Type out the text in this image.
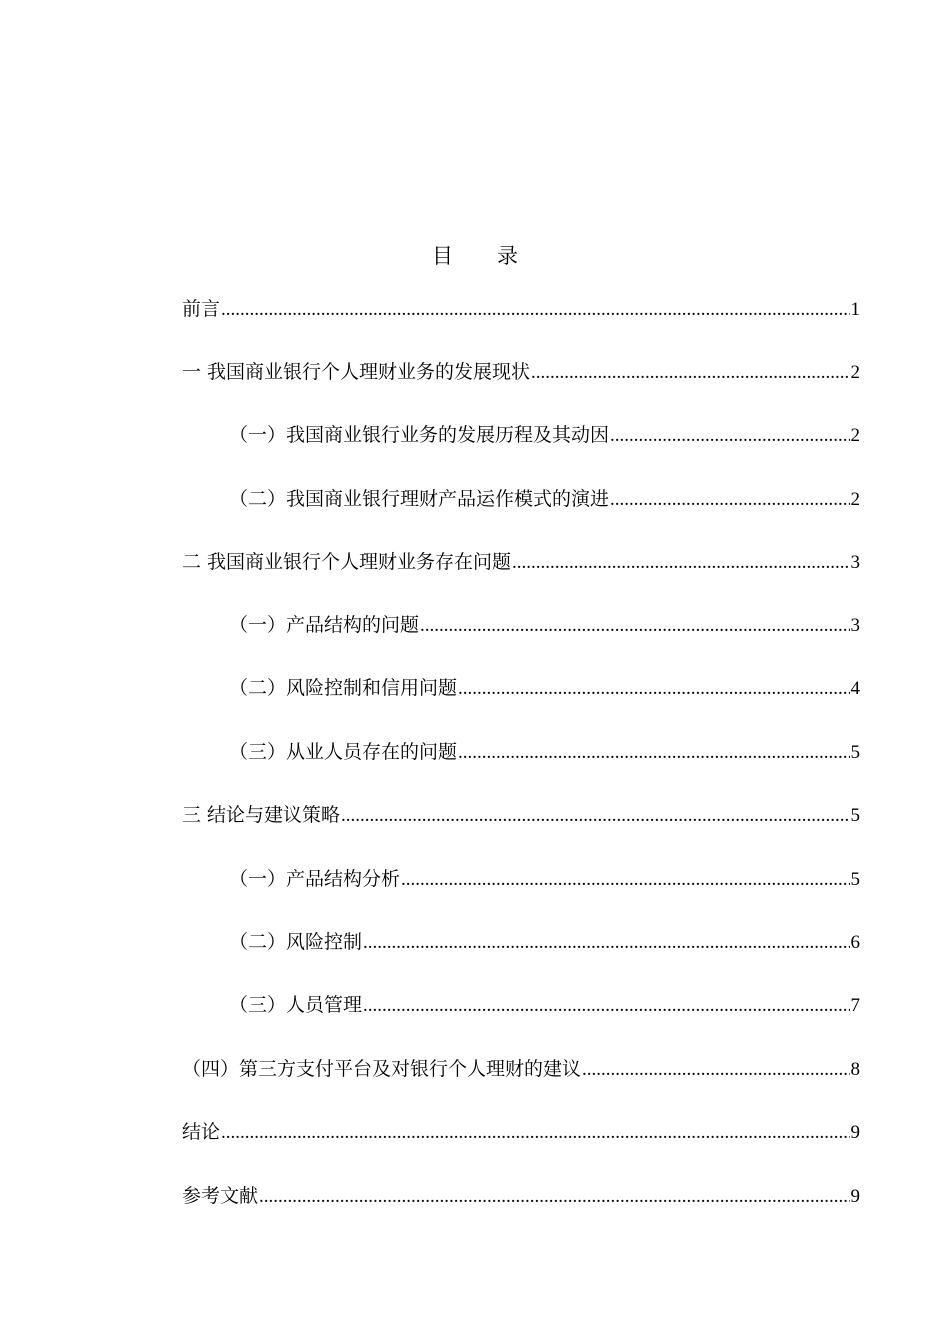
目 录
前言 .....	1
一 我国商业银行个人理财业务的发展现状 .....	2
（一）我国商业银行业务的发展历程及其动因 .....	2
（二）我国商业银行理财产品运作模式的演进 .....	2
二 我国商业银行个人理财业务存在问题 .....	3
（一）产品结构的问题 .....	3
（二）风险控制和信用问题 .....	4
（三）从业人员存在的问题 .....	5
三 结论与建议策略 .....	5
（一）产品结构分析 .....	5
（二）风险控制 .....	6
（三）人员管理 .....	7
（四）第三方支付平台及对银行个人理财的建议 .....	8
结论 .....	9
参考文献 .....	9
